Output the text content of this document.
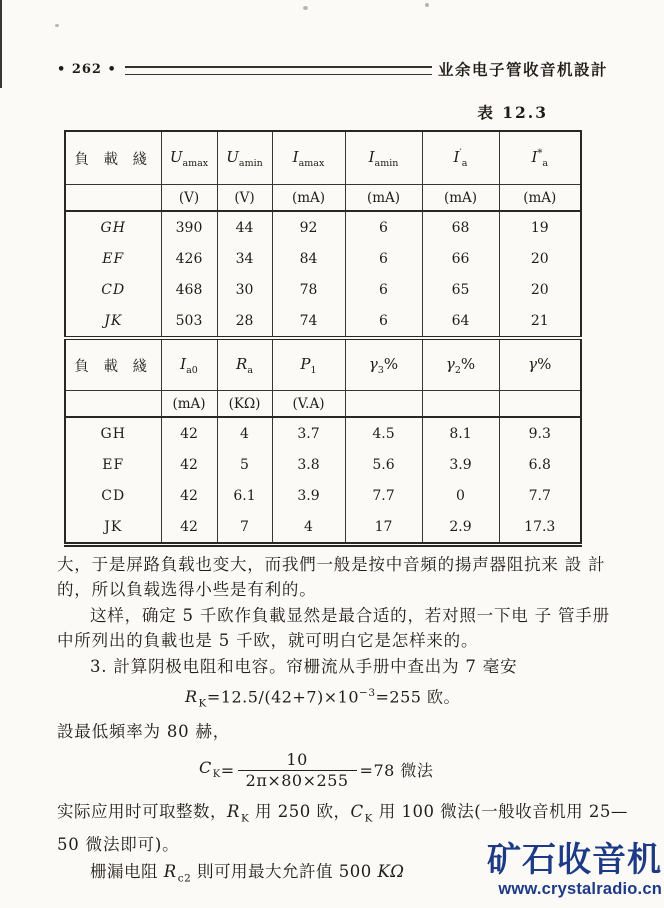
• 262 •	业余电子管收音机設計
表 12.3
負 載 綫	$U_{amax}$	$U_{amin}$	$I_{amax}$	$I_{amin}$	$I'_a$	$I^*_a$
	(V)	(V)	(mA)	(mA)	(mA)	(mA)
GH	390	44	92	6	68	19
EF	426	34	84	6	66	20
CD	468	30	78	6	65	20
JK	503	28	74	6	64	21
負 載 綫	$I_{a0}$	$R_a$	$P_1$	$\gamma_3\%$	$\gamma_2\%$	γ%
	(mA)	(KΩ)	(V.A)			
GH	42	4	3.7	4.5	8.1	9.3
EF	42	5	3.8	5.6	3.9	6.8
CD	42	6.1	3.9	7.7	0	7.7
JK	42	7	4	17	2.9	17.3
大，于是屏路負载也变大，而我們一般是按中音頻的揚声器阻抗来 設 計
的，所以負载选得小些是有利的。
这样，确定 5 千欧作負載显然是最合适的，若对照一下电 子 管手册
中所列出的負載也是 5 千欧，就可明白它是怎样来的。
3. 計算阴极电阻和电容。帘栅流从手册中查出为 7 毫安
$R_K=12.5/(42+7)\times 10^{-3}=255$ 欧。
設最低頻率为 80 赫，
$C_K = \frac{10}{2\pi\times 80\times 255} =78$ 微法
实际应用时可取整数，$R_K$ 用 250 欧，$C_K$ 用 100 微法(一般收音机用 25—
50 微法即可)。
栅漏电阻 $R_{c2}$ 則可用最大允許值 500 KΩ	矿石收音机
www.crystalradio.cn
